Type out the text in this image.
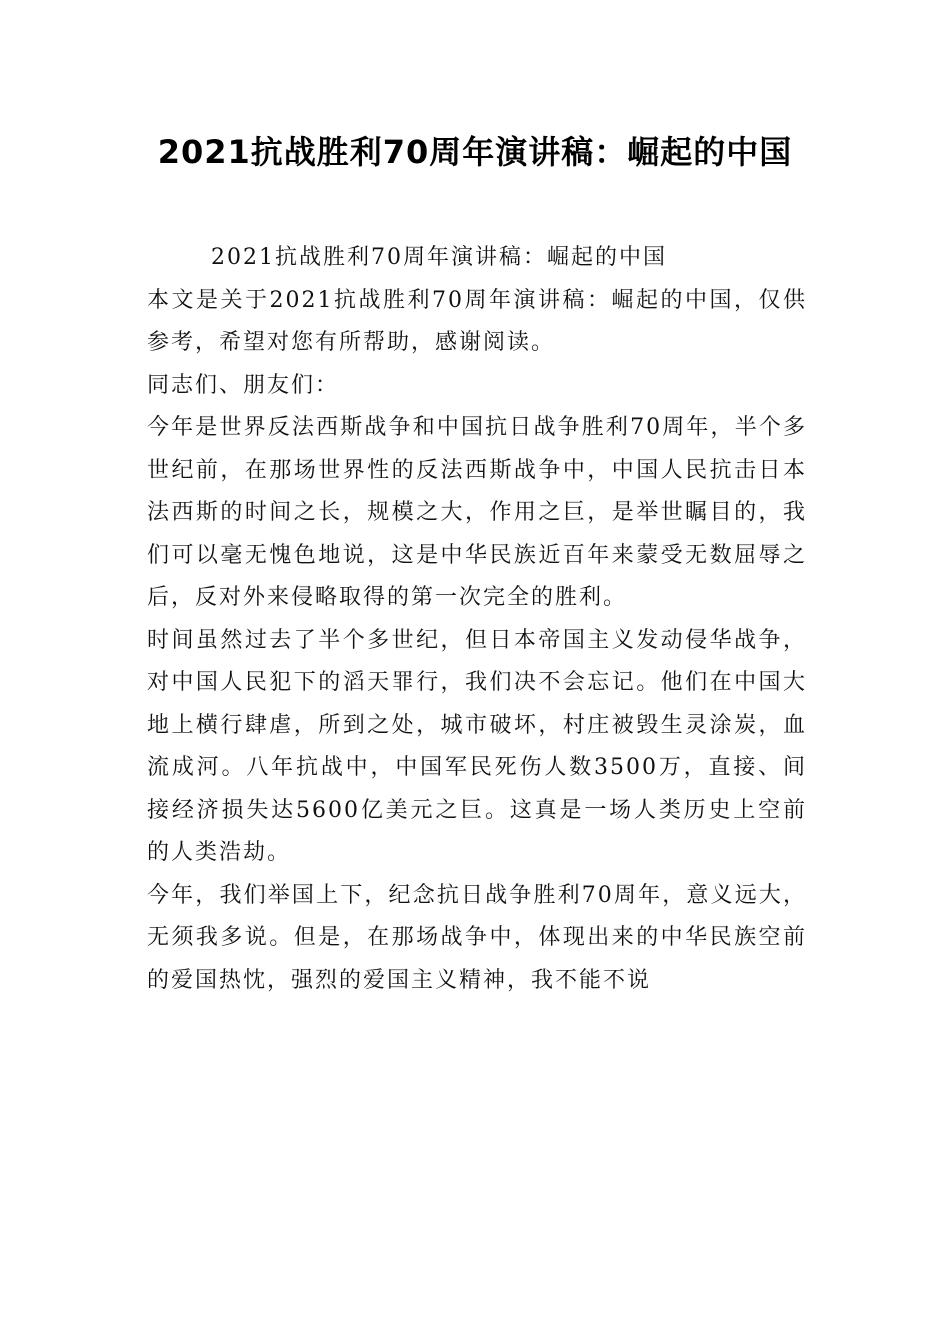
2021抗战胜利70周年演讲稿：崛起的中国

2021抗战胜利70周年演讲稿：崛起的中国

本文是关于2021抗战胜利70周年演讲稿：崛起的中国，仅供参考，希望对您有所帮助，感谢阅读。

同志们、朋友们：

今年是世界反法西斯战争和中国抗日战争胜利70周年，半个多世纪前，在那场世界性的反法西斯战争中，中国人民抗击日本法西斯的时间之长，规模之大，作用之巨，是举世瞩目的，我们可以毫无愧色地说，这是中华民族近百年来蒙受无数屈辱之后，反对外来侵略取得的第一次完全的胜利。

时间虽然过去了半个多世纪，但日本帝国主义发动侵华战争，对中国人民犯下的滔天罪行，我们决不会忘记。他们在中国大地上横行肆虐，所到之处，城市破坏，村庄被毁生灵涂炭，血流成河。八年抗战中，中国军民死伤人数3500万，直接、间接经济损失达5600亿美元之巨。这真是一场人类历史上空前的人类浩劫。

今年，我们举国上下，纪念抗日战争胜利70周年，意义远大，无须我多说。但是，在那场战争中，体现出来的中华民族空前的爱国热忱，强烈的爱国主义精神，我不能不说
